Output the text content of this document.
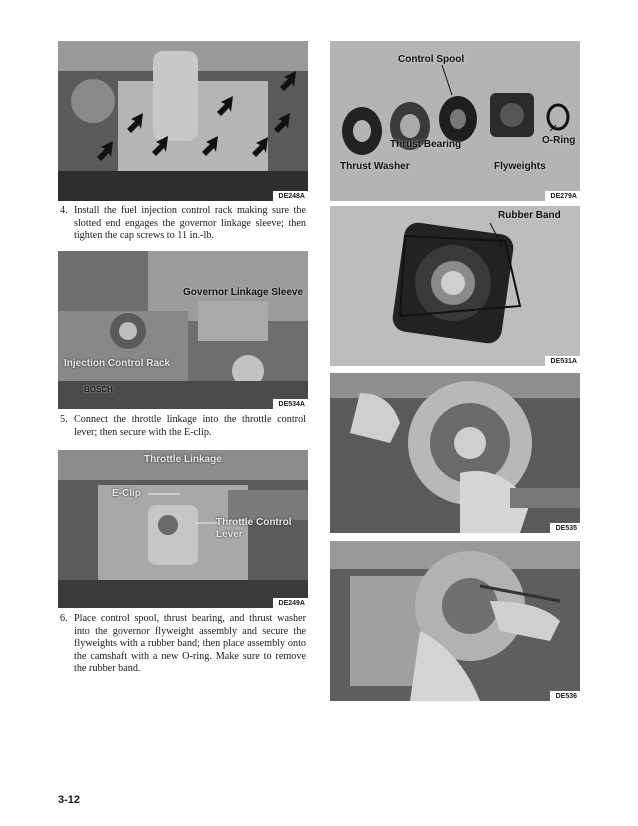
DE248A
4. Install the fuel injection control rack making sure the slotted end engages the governor linkage sleeve; then tighten the cap screws to 11 in.-lb.
Governor Linkage Sleeve
Injection Control Rack
BOSCH
DE534A
5. Connect the throttle linkage into the throttle control lever; then secure with the E-clip.
Throttle Linkage
E-Clip
Throttle Control
Lever
DE249A
6. Place control spool, thrust bearing, and thrust washer into the governor flyweight assembly and secure the flyweights with a rubber band; then place assembly onto the camshaft with a new O-ring. Make sure to remove the rubber band.
Control Spool
Thrust Bearing	O-Ring
Thrust Washer	Flyweights
DE279A
Rubber Band
DE531A
DE535
DE536
3-12
